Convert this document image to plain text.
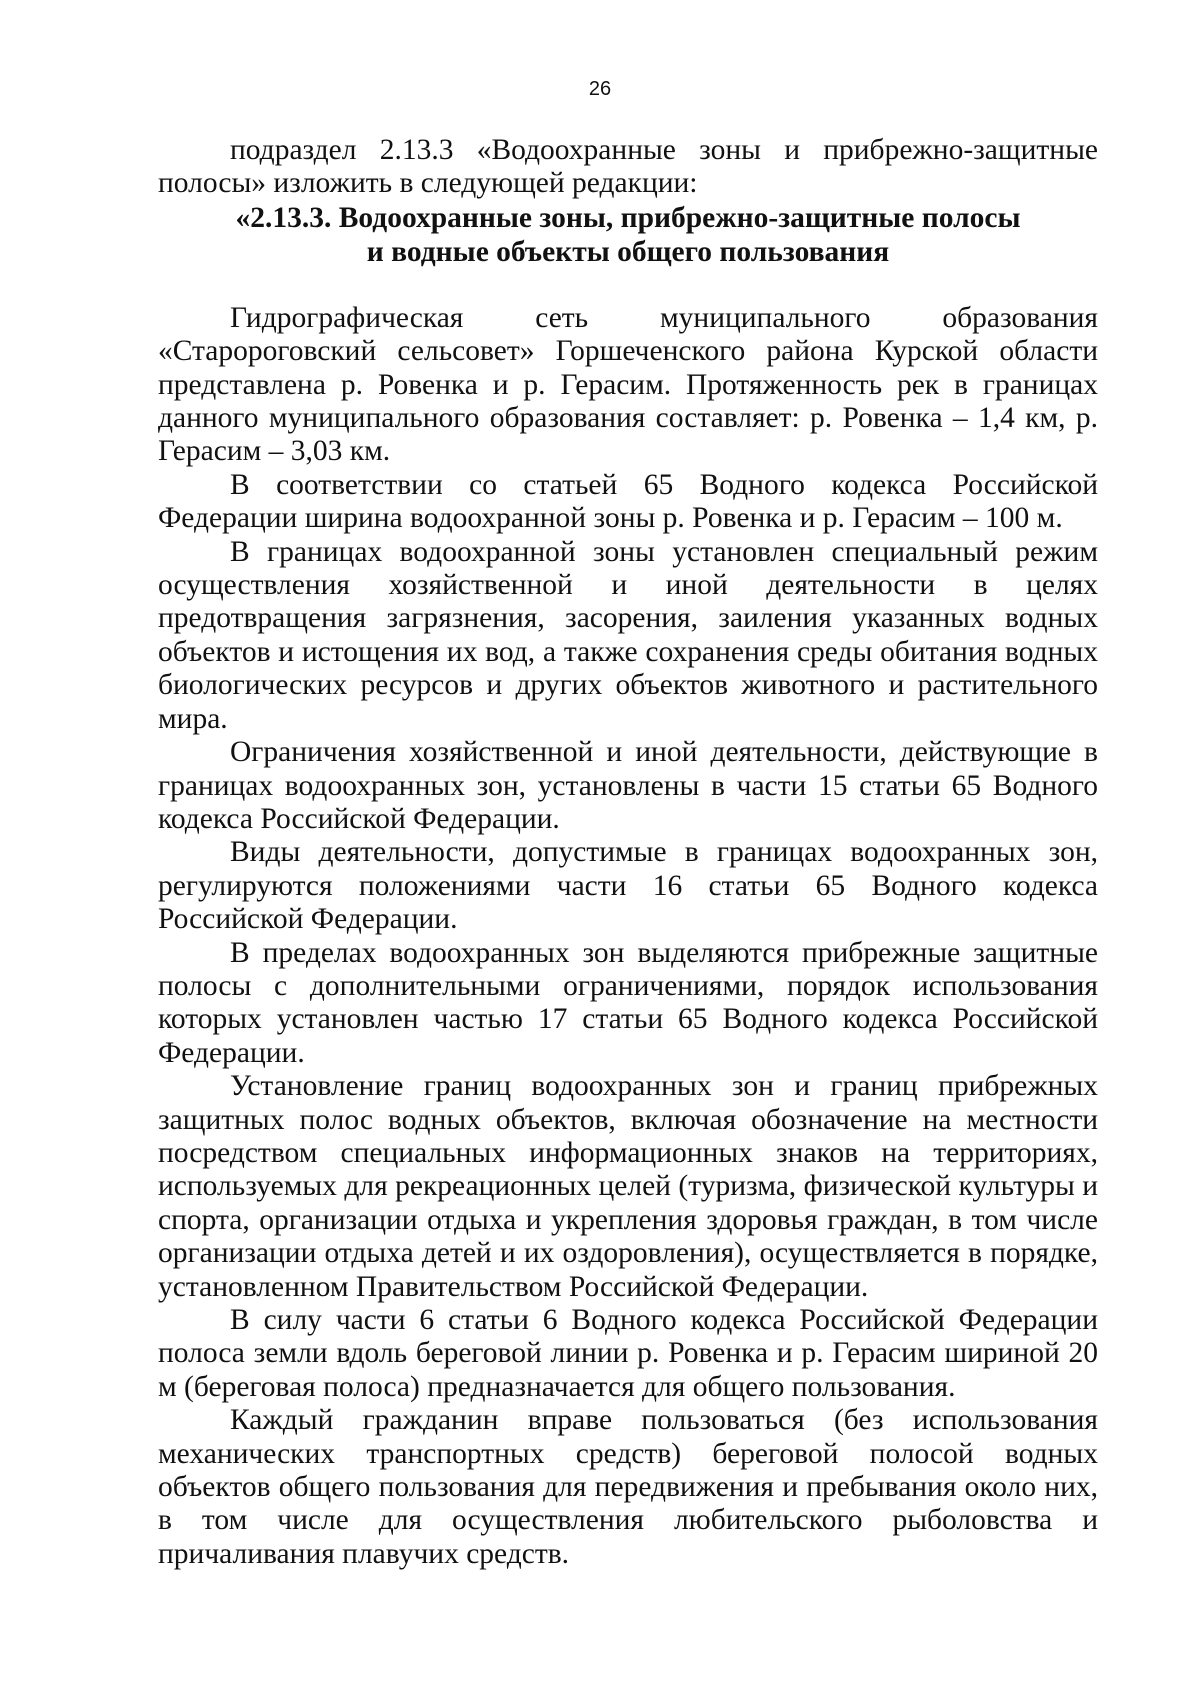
26

подраздел 2.13.3 «Водоохранные зоны и прибрежно-защитные полосы» изложить в следующей редакции:

«2.13.3. Водоохранные зоны, прибрежно-защитные полосы
и водные объекты общего пользования

Гидрографическая сеть муниципального образования «Старороговский сельсовет» Горшеченского района Курской области представлена р. Ровенка и р. Герасим. Протяженность рек в границах данного муниципального образования составляет: р. Ровенка – 1,4 км, р. Герасим – 3,03 км.

В соответствии со статьей 65 Водного кодекса Российской Федерации ширина водоохранной зоны р. Ровенка и р. Герасим – 100 м.

В границах водоохранной зоны установлен специальный режим осуществления хозяйственной и иной деятельности в целях предотвращения загрязнения, засорения, заиления указанных водных объектов и истощения их вод, а также сохранения среды обитания водных биологических ресурсов и других объектов животного и растительного мира.

Ограничения хозяйственной и иной деятельности, действующие в границах водоохранных зон, установлены в части 15 статьи 65 Водного кодекса Российской Федерации.

Виды деятельности, допустимые в границах водоохранных зон, регулируются положениями части 16 статьи 65 Водного кодекса Российской Федерации.

В пределах водоохранных зон выделяются прибрежные защитные полосы с дополнительными ограничениями, порядок использования которых установлен частью 17 статьи 65 Водного кодекса Российской Федерации.

Установление границ водоохранных зон и границ прибрежных защитных полос водных объектов, включая обозначение на местности посредством специальных информационных знаков на территориях, используемых для рекреационных целей (туризма, физической культуры и спорта, организации отдыха и укрепления здоровья граждан, в том числе организации отдыха детей и их оздоровления), осуществляется в порядке, установленном Правительством Российской Федерации.

В силу части 6 статьи 6 Водного кодекса Российской Федерации полоса земли вдоль береговой линии р. Ровенка и р. Герасим шириной 20 м (береговая полоса) предназначается для общего пользования.

Каждый гражданин вправе пользоваться (без использования механических транспортных средств) береговой полосой водных объектов общего пользования для передвижения и пребывания около них, в том числе для осуществления любительского рыболовства и причаливания плавучих средств.
